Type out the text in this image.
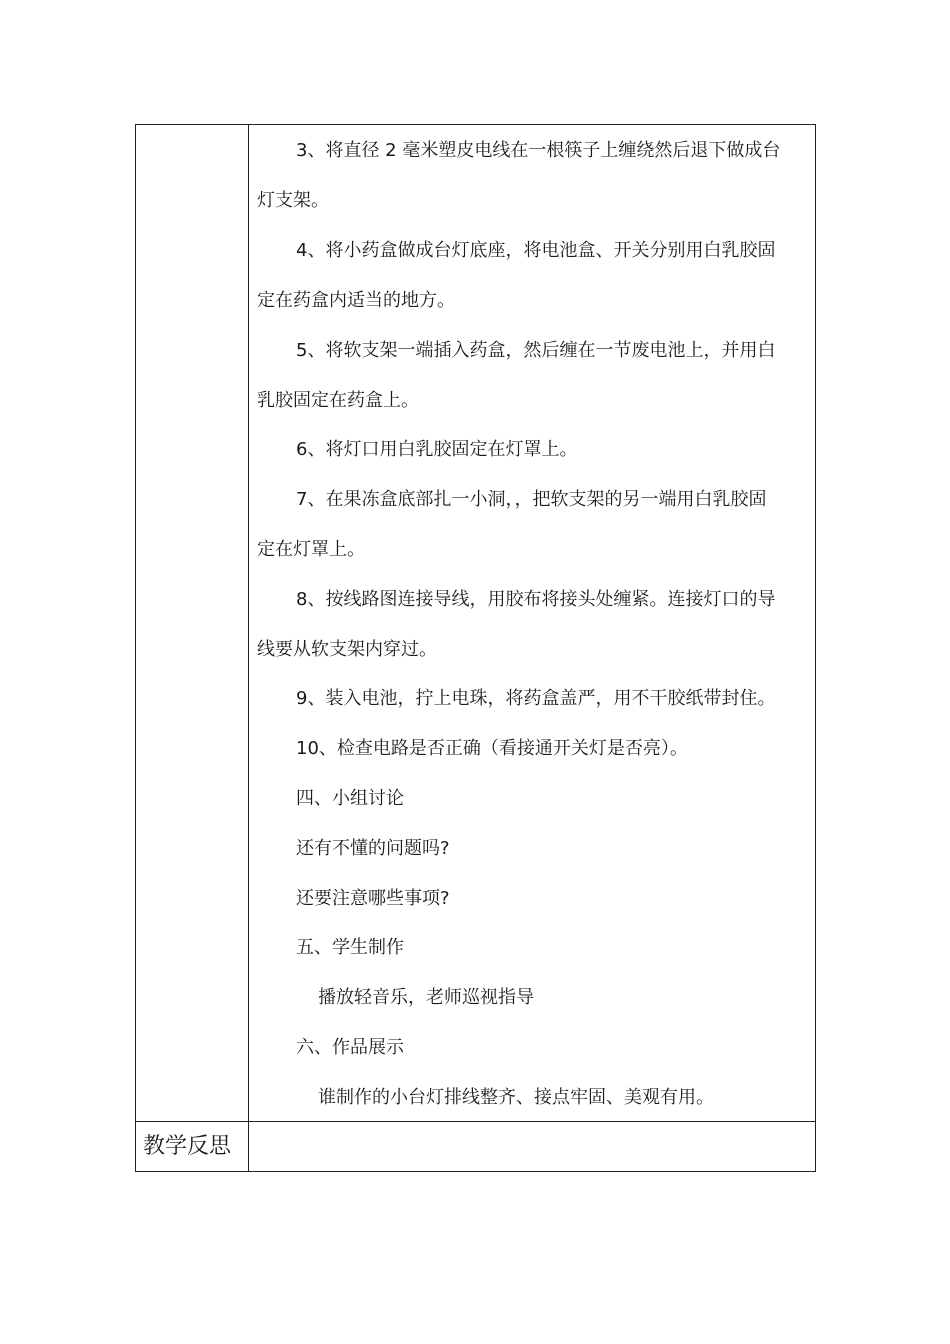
3、将直径 2 毫米塑皮电线在一根筷子上缠绕然后退下做成台
灯支架。
4、将小药盒做成台灯底座，将电池盒、开关分别用白乳胶固
定在药盒内适当的地方。
5、将软支架一端插入药盒，然后缠在一节废电池上，并用白
乳胶固定在药盒上。
6、将灯口用白乳胶固定在灯罩上。
7、在果冻盒底部扎一小洞，，把软支架的另一端用白乳胶固
定在灯罩上。
8、按线路图连接导线，用胶布将接头处缠紧。连接灯口的导
线要从软支架内穿过。
9、装入电池，拧上电珠，将药盒盖严，用不干胶纸带封住。
10、检查电路是否正确（看接通开关灯是否亮）。
四、小组讨论
还有不懂的问题吗?
还要注意哪些事项?
五、学生制作
播放轻音乐，老师巡视指导
六、作品展示
谁制作的小台灯排线整齐、接点牢固、美观有用。
教学反思
